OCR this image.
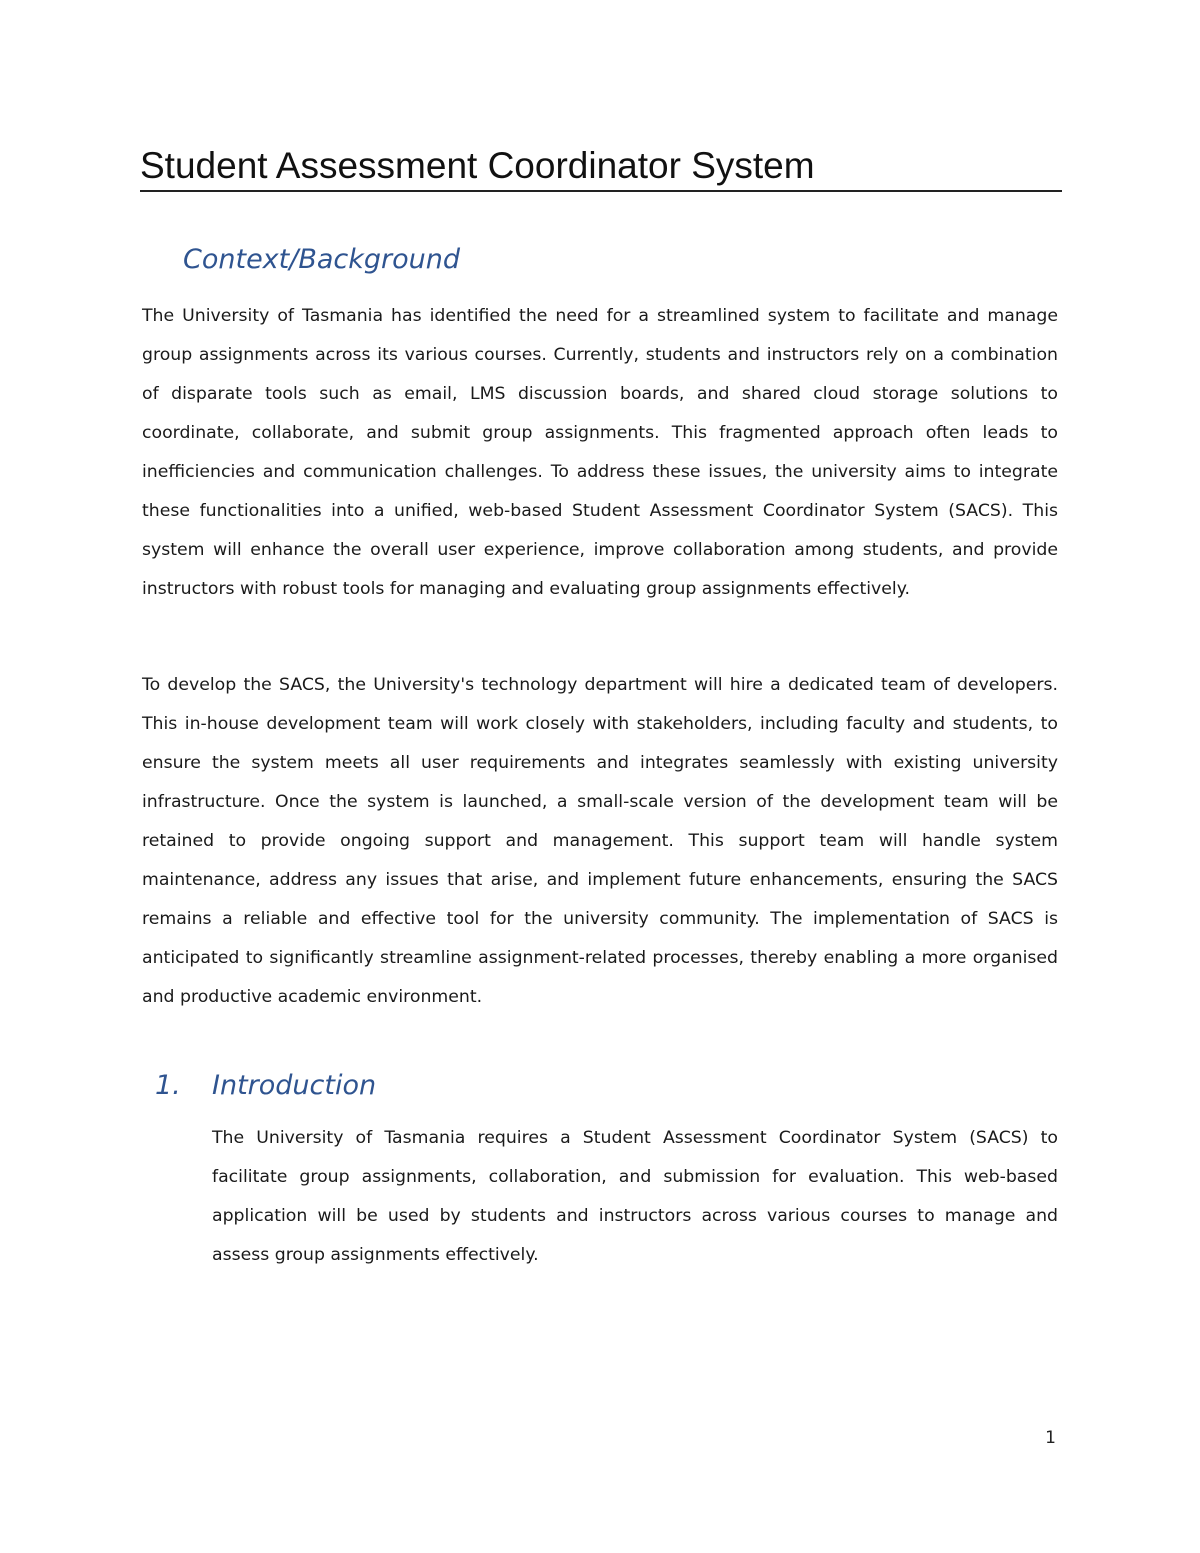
Student Assessment Coordinator System
Context/Background

The University of Tasmania has identified the need for a streamlined system to facilitate and manage group assignments across its various courses. Currently, students and instructors rely on a combination of disparate tools such as email, LMS discussion boards, and shared cloud storage solutions to coordinate, collaborate, and submit group assignments. This fragmented approach often leads to inefficiencies and communication challenges. To address these issues, the university aims to integrate these functionalities into a unified, web-based Student Assessment Coordinator System (SACS). This system will enhance the overall user experience, improve collaboration among students, and provide instructors with robust tools for managing and evaluating group assignments effectively.

To develop the SACS, the University's technology department will hire a dedicated team of developers. This in-house development team will work closely with stakeholders, including faculty and students, to ensure the system meets all user requirements and integrates seamlessly with existing university infrastructure. Once the system is launched, a small-scale version of the development team will be retained to provide ongoing support and management. This support team will handle system maintenance, address any issues that arise, and implement future enhancements, ensuring the SACS remains a reliable and effective tool for the university community. The implementation of SACS is anticipated to significantly streamline assignment-related processes, thereby enabling a more organised and productive academic environment.

1. Introduction

The University of Tasmania requires a Student Assessment Coordinator System (SACS) to facilitate group assignments, collaboration, and submission for evaluation. This web-based application will be used by students and instructors across various courses to manage and assess group assignments effectively.

1
